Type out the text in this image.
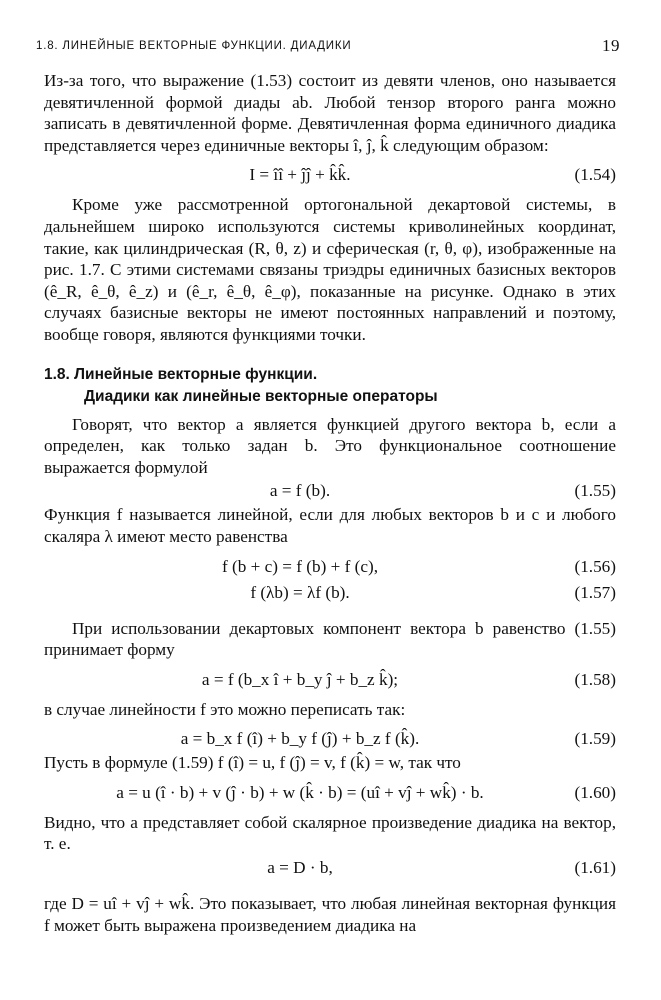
1.8. ЛИНЕЙНЫЕ ВЕКТОРНЫЕ ФУНКЦИИ. ДИАДИКИ	19

Из-за того, что выражение (1.53) состоит из девяти членов, оно называется девятичленной формой диады ab. Любой тензор второго ранга можно записать в девятичленной форме. Девятичленная форма единичного диадика представляется через единичные векторы î, ĵ, k̂ следующим образом:

I = îî + ĵĵ + k̂k̂.	(1.54)

Кроме уже рассмотренной ортогональной декартовой системы, в дальнейшем широко используются системы криволинейных координат, такие, как цилиндрическая (R, θ, z) и сферическая (r, θ, φ), изображенные на рис. 1.7. С этими системами связаны триэдры единичных базисных векторов (ê_R, ê_θ, ê_z) и (ê_r, ê_θ, ê_φ), показанные на рисунке. Однако в этих случаях базисные векторы не имеют постоянных направлений и поэтому, вообще говоря, являются функциями точки.

1.8. Линейные векторные функции.
Диадики как линейные векторные операторы

Говорят, что вектор a является функцией другого вектора b, если a определен, как только задан b. Это функциональное соотношение выражается формулой

a = f (b).	(1.55)

Функция f называется линейной, если для любых векторов b и c и любого скаляра λ имеют место равенства

f (b + c) = f (b) + f (c),	(1.56)
f (λb) = λf (b).	(1.57)

При использовании декартовых компонент вектора b равенство (1.55) принимает форму

a = f (b_x î + b_y ĵ + b_z k̂);	(1.58)

в случае линейности f это можно переписать так:

a = b_x f (î) + b_y f (ĵ) + b_z f (k̂).	(1.59)

Пусть в формуле (1.59) f (î) = u, f (ĵ) = v, f (k̂) = w, так что

a = u (î · b) + v (ĵ · b) + w (k̂ · b) = (uî + vĵ + wk̂) · b.	(1.60)

Видно, что a представляет собой скалярное произведение диадика на вектор, т. е.

a = D · b,	(1.61)

где D = uî + vĵ + wk̂. Это показывает, что любая линейная векторная функция f может быть выражена произведением диадика на
